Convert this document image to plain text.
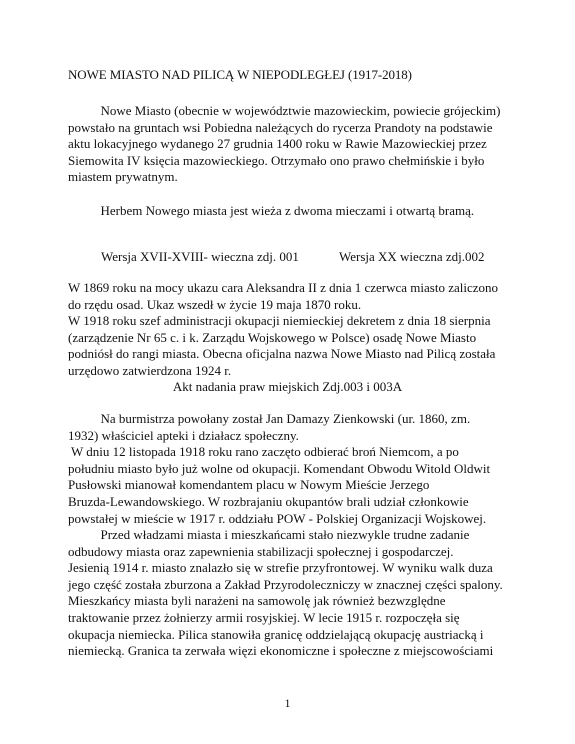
NOWE MIASTO NAD PILICĄ W NIEPODLEGŁEJ (1917-2018)
Nowe Miasto (obecnie w województwie mazowieckim, powiecie grójeckim)
powstało na gruntach wsi Pobiedna należących do rycerza Prandoty na podstawie
aktu lokacyjnego wydanego 27 grudnia 1400 roku w Rawie Mazowieckiej przez
Siemowita IV księcia mazowieckiego. Otrzymało ono prawo chełmińskie i było
miastem prywatnym.
Herbem Nowego miasta jest wieża z dwoma mieczami i otwartą bramą.
Wersja XVII-XVIII- wieczna zdj. 001	Wersja XX wieczna zdj.002
W 1869 roku na mocy ukazu cara Aleksandra II z dnia 1 czerwca miasto zaliczono
do rzędu osad. Ukaz wszedł w życie 19 maja 1870 roku.
W 1918 roku szef administracji okupacji niemieckiej dekretem z dnia 18 sierpnia
(zarządzenie Nr 65 c. i k. Zarządu Wojskowego w Polsce) osadę Nowe Miasto
podniósł do rangi miasta. Obecna oficjalna nazwa Nowe Miasto nad Pilicą została
urzędowo zatwierdzona 1924 r.
Akt nadania praw miejskich Zdj.003 i 003A
Na burmistrza powołany został Jan Damazy Zienkowski (ur. 1860, zm.
1932) właściciel apteki i działacz społeczny.
W dniu 12 listopada 1918 roku rano zaczęto odbierać broń Niemcom, a po
południu miasto było już wolne od okupacji. Komendant Obwodu Witold Oldwit
Pusłowski mianował komendantem placu w Nowym Mieście Jerzego
Bruzda-Lewandowskiego. W rozbrajaniu okupantów brali udział członkowie
powstałej w mieście w 1917 r. oddziału POW - Polskiej Organizacji Wojskowej.
Przed władzami miasta i mieszkańcami stało niezwykle trudne zadanie
odbudowy miasta oraz zapewnienia stabilizacji społecznej i gospodarczej.
Jesienią 1914 r. miasto znalazło się w strefie przyfrontowej. W wyniku walk duza
jego część została zburzona a Zakład Przyrodoleczniczy w znacznej części spalony.
Mieszkańcy miasta byli narażeni na samowolę jak również bezwzględne
traktowanie przez żołnierzy armii rosyjskiej. W lecie 1915 r. rozpoczęła się
okupacja niemiecka. Pilica stanowiła granicę oddzielającą okupację austriacką i
niemiecką. Granica ta zerwała więzi ekonomiczne i społeczne z miejscowościami
1
